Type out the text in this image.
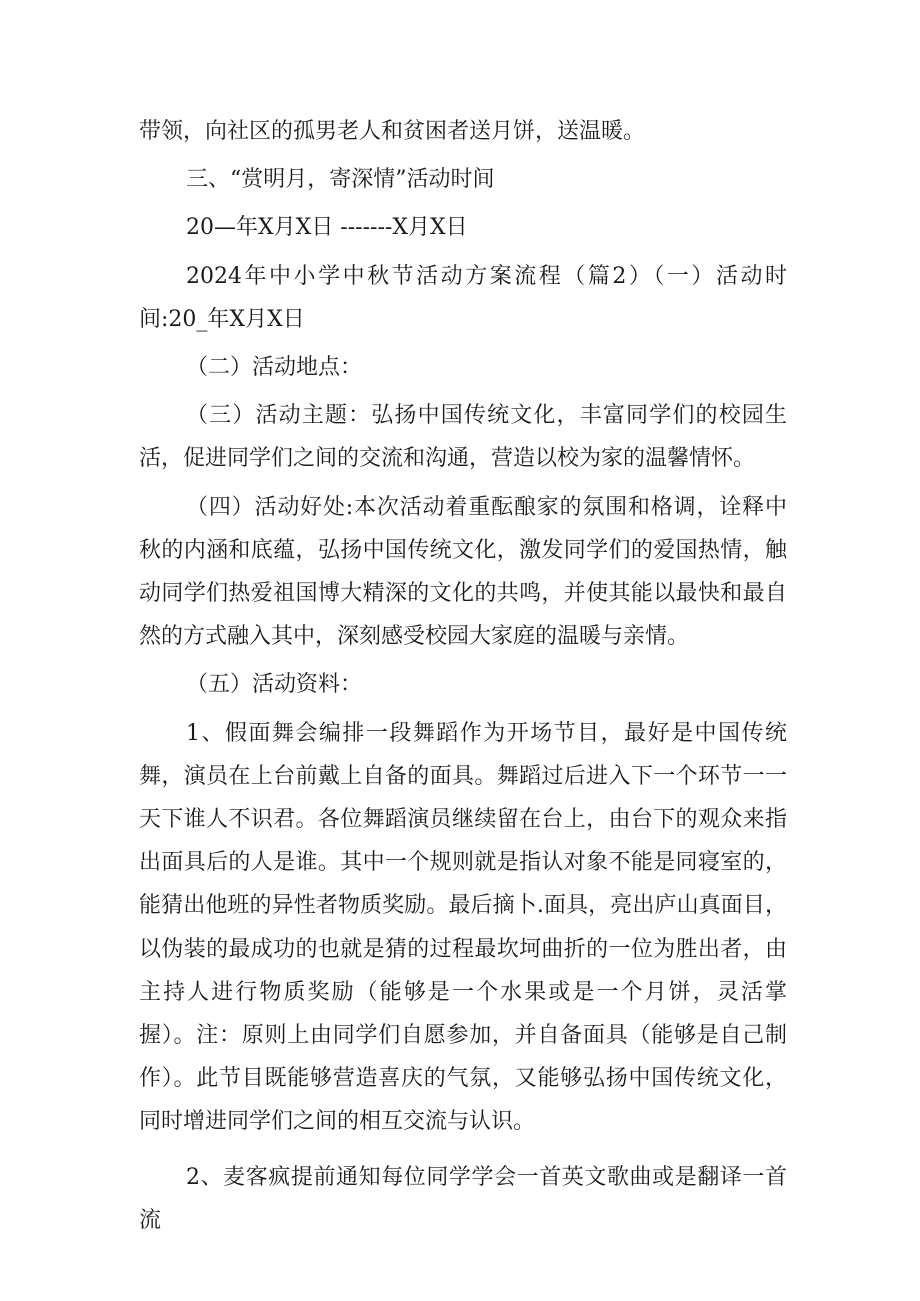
带领，向社区的孤男老人和贫困者送月饼，送温暖。

三、“赏明月，寄深情”活动时间

20—年X月X日 -------X月X日

2024年中小学中秋节活动方案流程（篇2）（一）活动时间:20_年X月X日

（二）活动地点：

（三）活动主题：弘扬中国传统文化，丰富同学们的校园生活，促进同学们之间的交流和沟通，营造以校为家的温馨情怀。

（四）活动好处:本次活动着重酝酿家的氛围和格调，诠释中秋的内涵和底蕴，弘扬中国传统文化，激发同学们的爱国热情，触动同学们热爱祖国博大精深的文化的共鸣，并使其能以最快和最自然的方式融入其中，深刻感受校园大家庭的温暖与亲情。

（五）活动资料：

1、假面舞会编排一段舞蹈作为开场节目，最好是中国传统舞，演员在上台前戴上自备的面具。舞蹈过后进入下一个环节一一天下谁人不识君。各位舞蹈演员继续留在台上，由台下的观众来指出面具后的人是谁。其中一个规则就是指认对象不能是同寝室的，能猜出他班的异性者物质奖励。最后摘卜.面具，亮出庐山真面目，以伪装的最成功的也就是猜的过程最坎坷曲折的一位为胜出者，由主持人进行物质奖励（能够是一个水果或是一个月饼，灵活掌握）。注：原则上由同学们自愿参加，并自备面具（能够是自己制作）。此节目既能够营造喜庆的气氛，又能够弘扬中国传统文化，同时增进同学们之间的相互交流与认识。

2、麦客疯提前通知每位同学学会一首英文歌曲或是翻译一首流
